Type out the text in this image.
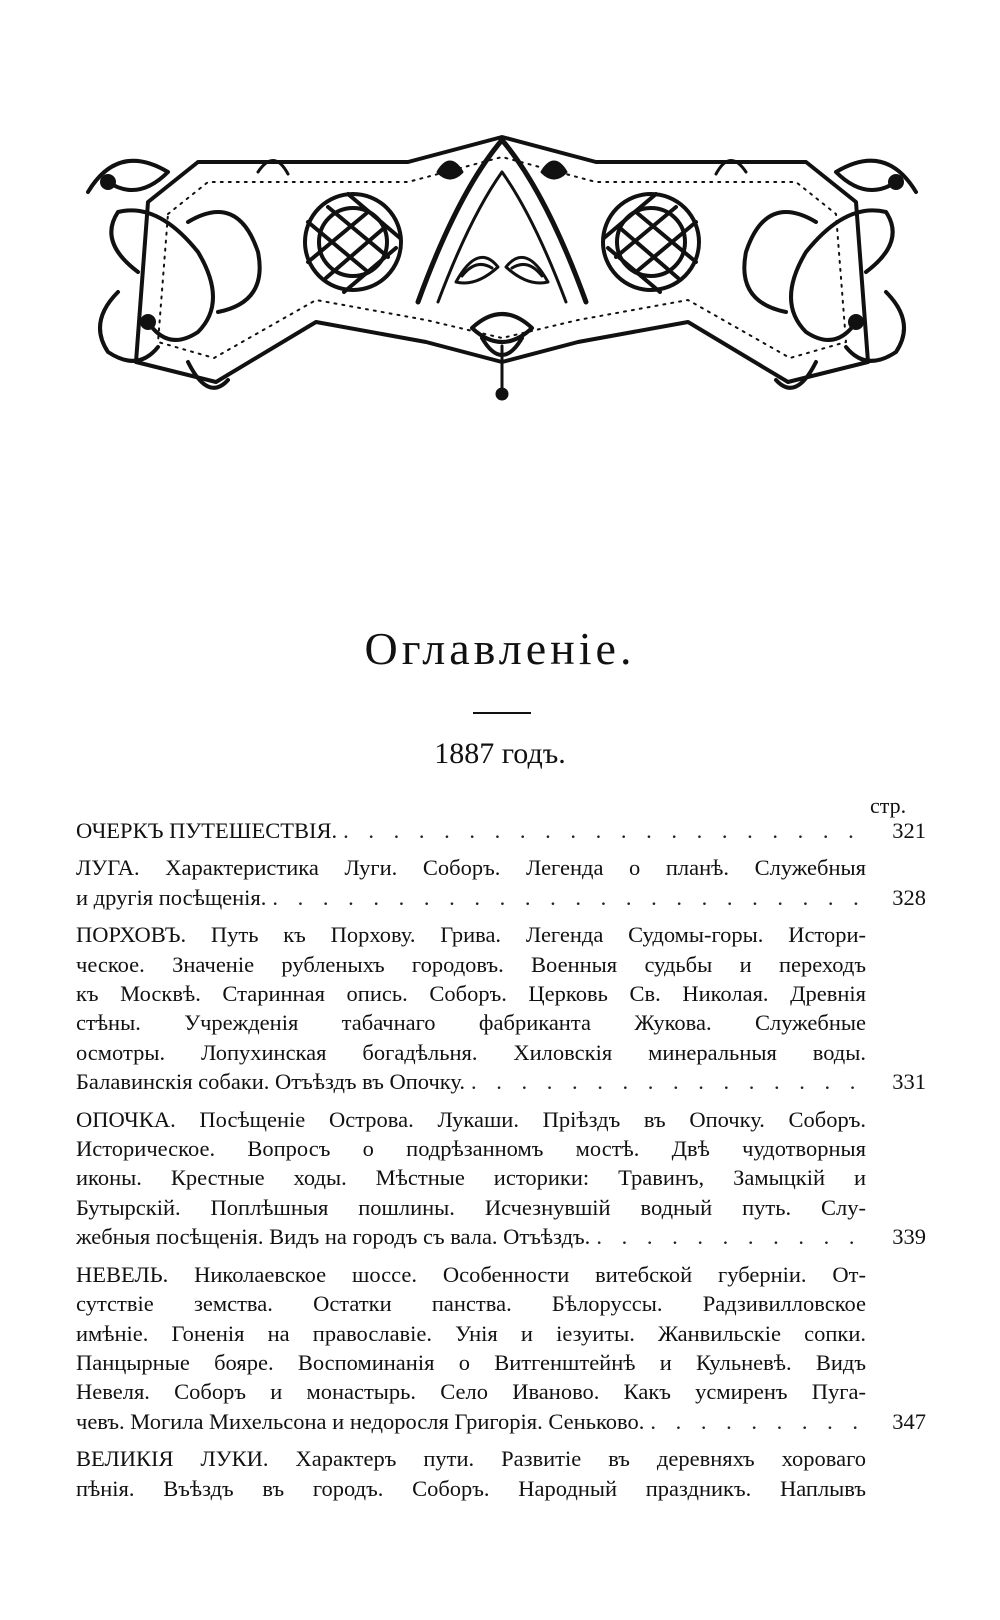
Оглавленіе.
1887 годъ.
стр.
ОЧЕРКЪ ПУТЕШЕСТВІЯ. . . .	321
ЛУГА. Характеристика Луги. Соборъ. Легенда о планѣ. Служебныя
и другія посѣщенія. . . .	328
ПОРХОВЪ. Путь къ Порхову. Грива. Легенда Судомы-горы. Истори-
ческое. Значеніе рубленыхъ городовъ. Военныя судьбы и переходъ
къ Москвѣ. Старинная опись. Соборъ. Церковь Св. Николая. Древнія
стѣны. Учрежденія табачнаго фабриканта Жукова. Служебные
осмотры. Лопухинская богадѣльня. Хиловскія минеральныя воды.
Балавинскія собаки. Отъѣздъ въ Опочку. . . .	331
ОПОЧКА. Посѣщеніе Острова. Лукаши. Пріѣздъ въ Опочку. Соборъ.
Историческое. Вопросъ о подрѣзанномъ мостѣ. Двѣ чудотворныя
иконы. Крестные ходы. Мѣстные историки: Травинъ, Замыцкій и
Бутырскій. Поплѣшныя пошлины. Исчезнувшій водный путь. Слу-
жебныя посѣщенія. Видъ на городъ съ вала. Отъѣздъ. . . .	339
НЕВЕЛЬ. Николаевское шоссе. Особенности витебской губерніи. От-
сутствіе земства. Остатки панства. Бѣлоруссы. Радзивилловское
имѣніе. Гоненія на православіе. Унія и іезуиты. Жанвильскіе сопки.
Панцырные бояре. Воспоминанія о Витгенштейнѣ и Кульневѣ. Видъ
Невеля. Соборъ и монастырь. Село Иваново. Какъ усмиренъ Пуга-
чевъ. Могила Михельсона и недоросля Григорія. Сеньково. . . .	347
ВЕЛИКІЯ ЛУКИ. Характеръ пути. Развитіе въ деревняхъ хороваго
пѣнія. Въѣздъ въ городъ. Соборъ. Народный праздникъ. Наплывъ
